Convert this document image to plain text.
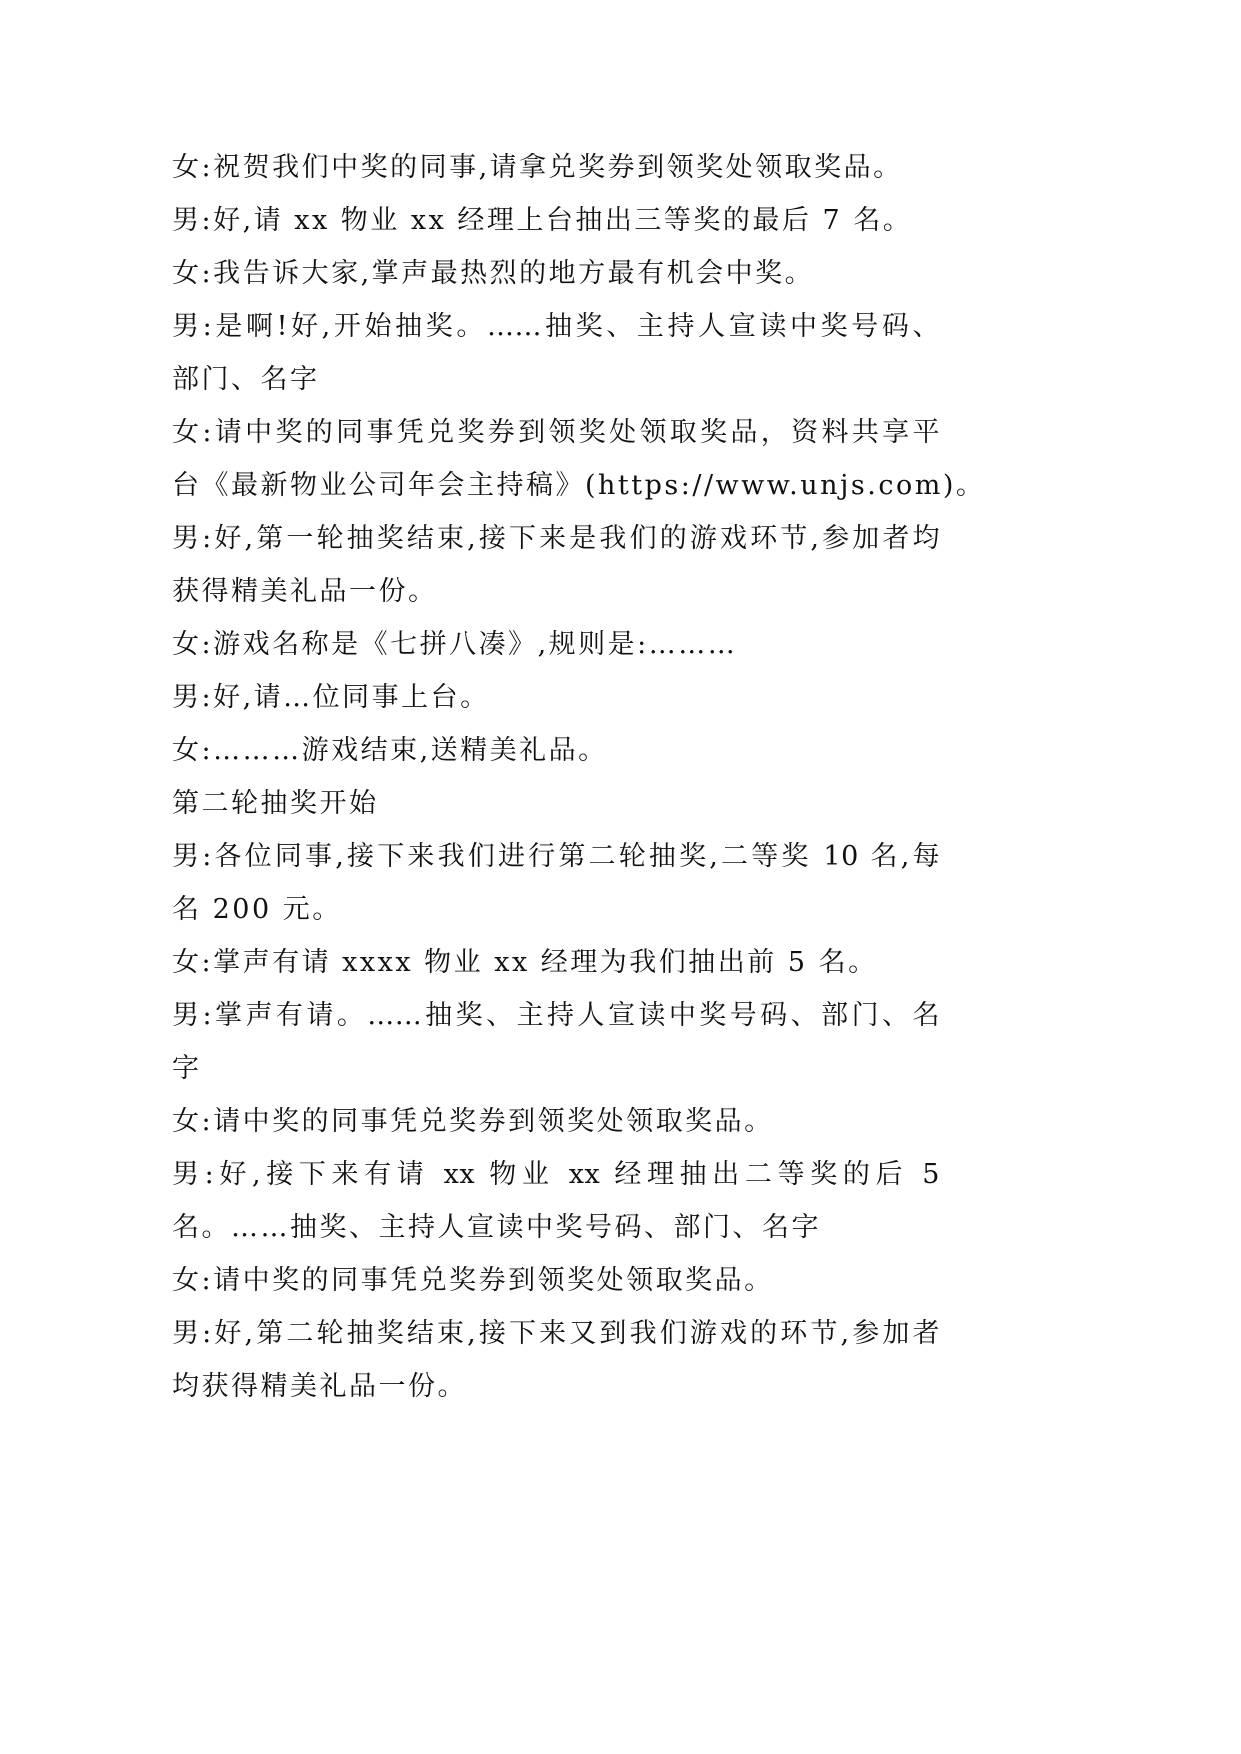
女:祝贺我们中奖的同事,请拿兑奖券到领奖处领取奖品。
男:好,请 xx 物业 xx 经理上台抽出三等奖的最后 7 名。
女:我告诉大家,掌声最热烈的地方最有机会中奖。
男:是啊!好,开始抽奖。……抽奖、主持人宣读中奖号码、
部门、名字
女:请中奖的同事凭兑奖券到领奖处领取奖品，资料共享平
台《最新物业公司年会主持稿》(https://www.unjs.com)。
男:好,第一轮抽奖结束,接下来是我们的游戏环节,参加者均
获得精美礼品一份。
女:游戏名称是《七拼八凑》,规则是:………
男:好,请…位同事上台。
女:………游戏结束,送精美礼品。
第二轮抽奖开始
男:各位同事,接下来我们进行第二轮抽奖,二等奖 10 名,每
名 200 元。
女:掌声有请 xxxx 物业 xx 经理为我们抽出前 5 名。
男:掌声有请。……抽奖、主持人宣读中奖号码、部门、名
字
女:请中奖的同事凭兑奖券到领奖处领取奖品。
男:好,接下来有请 xx 物业 xx 经理抽出二等奖的后 5
名。……抽奖、主持人宣读中奖号码、部门、名字
女:请中奖的同事凭兑奖券到领奖处领取奖品。
男:好,第二轮抽奖结束,接下来又到我们游戏的环节,参加者
均获得精美礼品一份。
